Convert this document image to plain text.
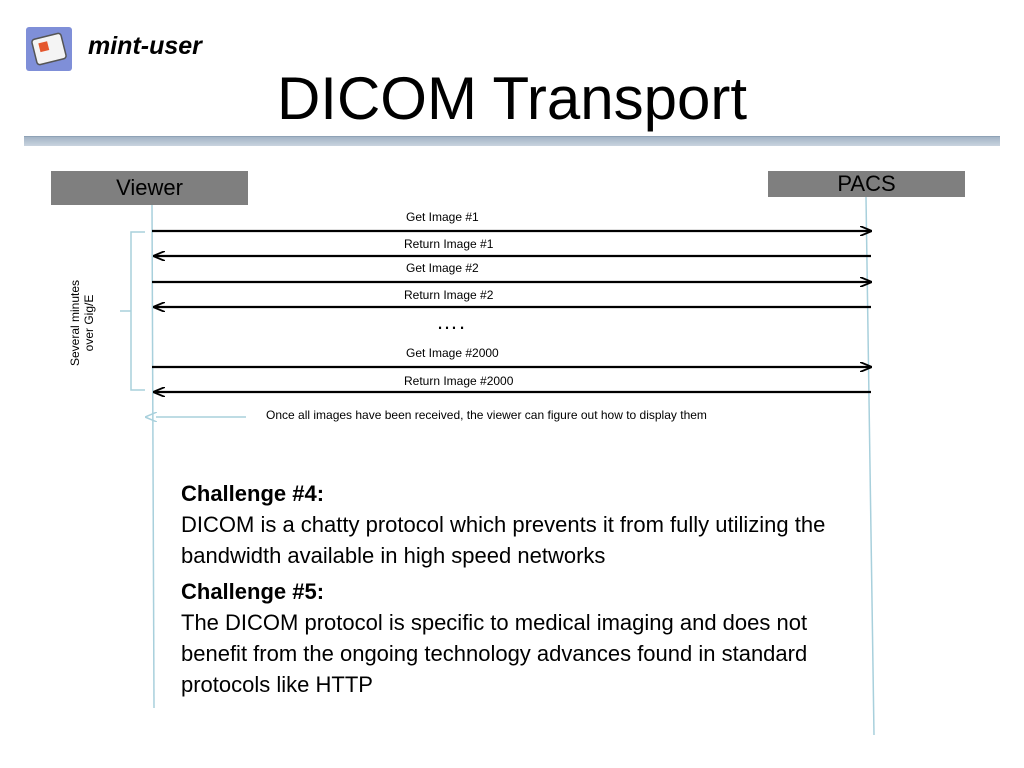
mint-user
DICOM Transport
Viewer	PACS
Get Image #1
Return Image #1
Get Image #2
Return Image #2
Get Image #2000
Return Image #2000
….
Several minutes over Gig/E
Once all images have been received, the viewer can figure out how to display them
Challenge #4:
DICOM is a chatty protocol which prevents it from fully utilizing the bandwidth available in high speed networks
Challenge #5:
The DICOM protocol is specific to medical imaging and does not benefit from the ongoing technology advances found in standard protocols like HTTP
